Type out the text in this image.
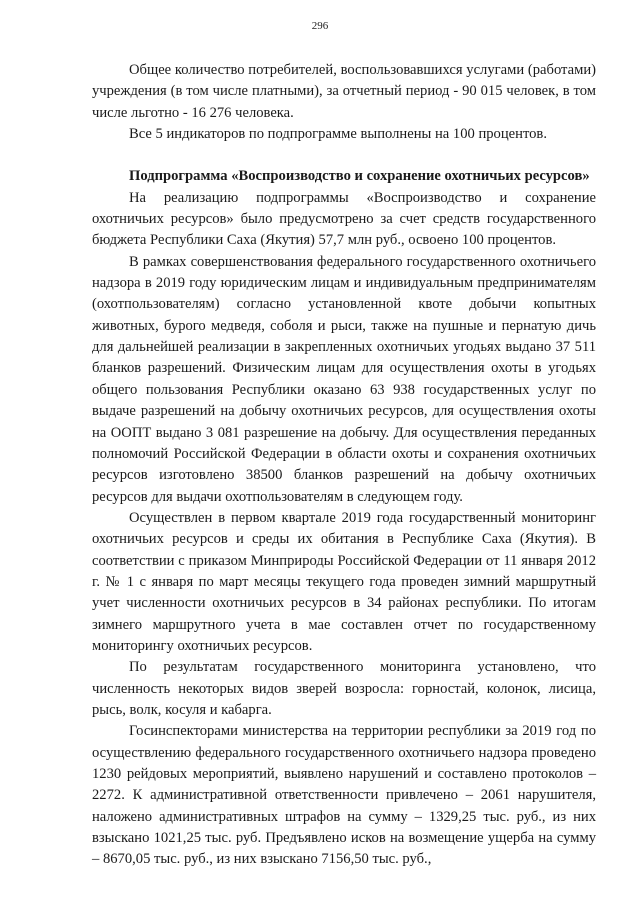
296

Общее количество потребителей, воспользовавшихся услугами (работами) учреждения (в том числе платными), за отчетный период - 90 015 человек, в том числе льготно - 16 276 человека.

Все 5 индикаторов по подпрограмме выполнены на 100 процентов.

Подпрограмма «Воспроизводство и сохранение охотничьих ресурсов»

На реализацию подпрограммы «Воспроизводство и сохранение охотничьих ресурсов» было предусмотрено за счет средств государственного бюджета Республики Саха (Якутия) 57,7 млн руб., освоено 100 процентов.

В рамках совершенствования федерального государственного охотничьего надзора в 2019 году юридическим лицам и индивидуальным предпринимателям (охотпользователям) согласно установленной квоте добычи копытных животных, бурого медведя, соболя и рыси, также на пушные и пернатую дичь для дальнейшей реализации в закрепленных охотничьих угодьях выдано 37 511 бланков разрешений. Физическим лицам для осуществления охоты в угодьях общего пользования Республики оказано 63 938 государственных услуг по выдаче разрешений на добычу охотничьих ресурсов, для осуществления охоты на ООПТ выдано 3 081 разрешение на добычу. Для осуществления переданных полномочий Российской Федерации в области охоты и сохранения охотничьих ресурсов изготовлено 38500 бланков разрешений на добычу охотничьих ресурсов для выдачи охотпользователям в следующем году.

Осуществлен в первом квартале 2019 года государственный мониторинг охотничьих ресурсов и среды их обитания в Республике Саха (Якутия). В соответствии с приказом Минприроды Российской Федерации от 11 января 2012 г. № 1 с января по март месяцы текущего года проведен зимний маршрутный учет численности охотничьих ресурсов в 34 районах республики. По итогам зимнего маршрутного учета в мае составлен отчет по государственному мониторингу охотничьих ресурсов.

По результатам государственного мониторинга установлено, что численность некоторых видов зверей возросла: горностай, колонок, лисица, рысь, волк, косуля и кабарга.

Госинспекторами министерства на территории республики за 2019 год по осуществлению федерального государственного охотничьего надзора проведено 1230 рейдовых мероприятий, выявлено нарушений и составлено протоколов – 2272. К административной ответственности привлечено – 2061 нарушителя, наложено административных штрафов на сумму – 1329,25 тыс. руб., из них взыскано 1021,25 тыс. руб. Предъявлено исков на возмещение ущерба на сумму – 8670,05 тыс. руб., из них взыскано 7156,50 тыс. руб.,
